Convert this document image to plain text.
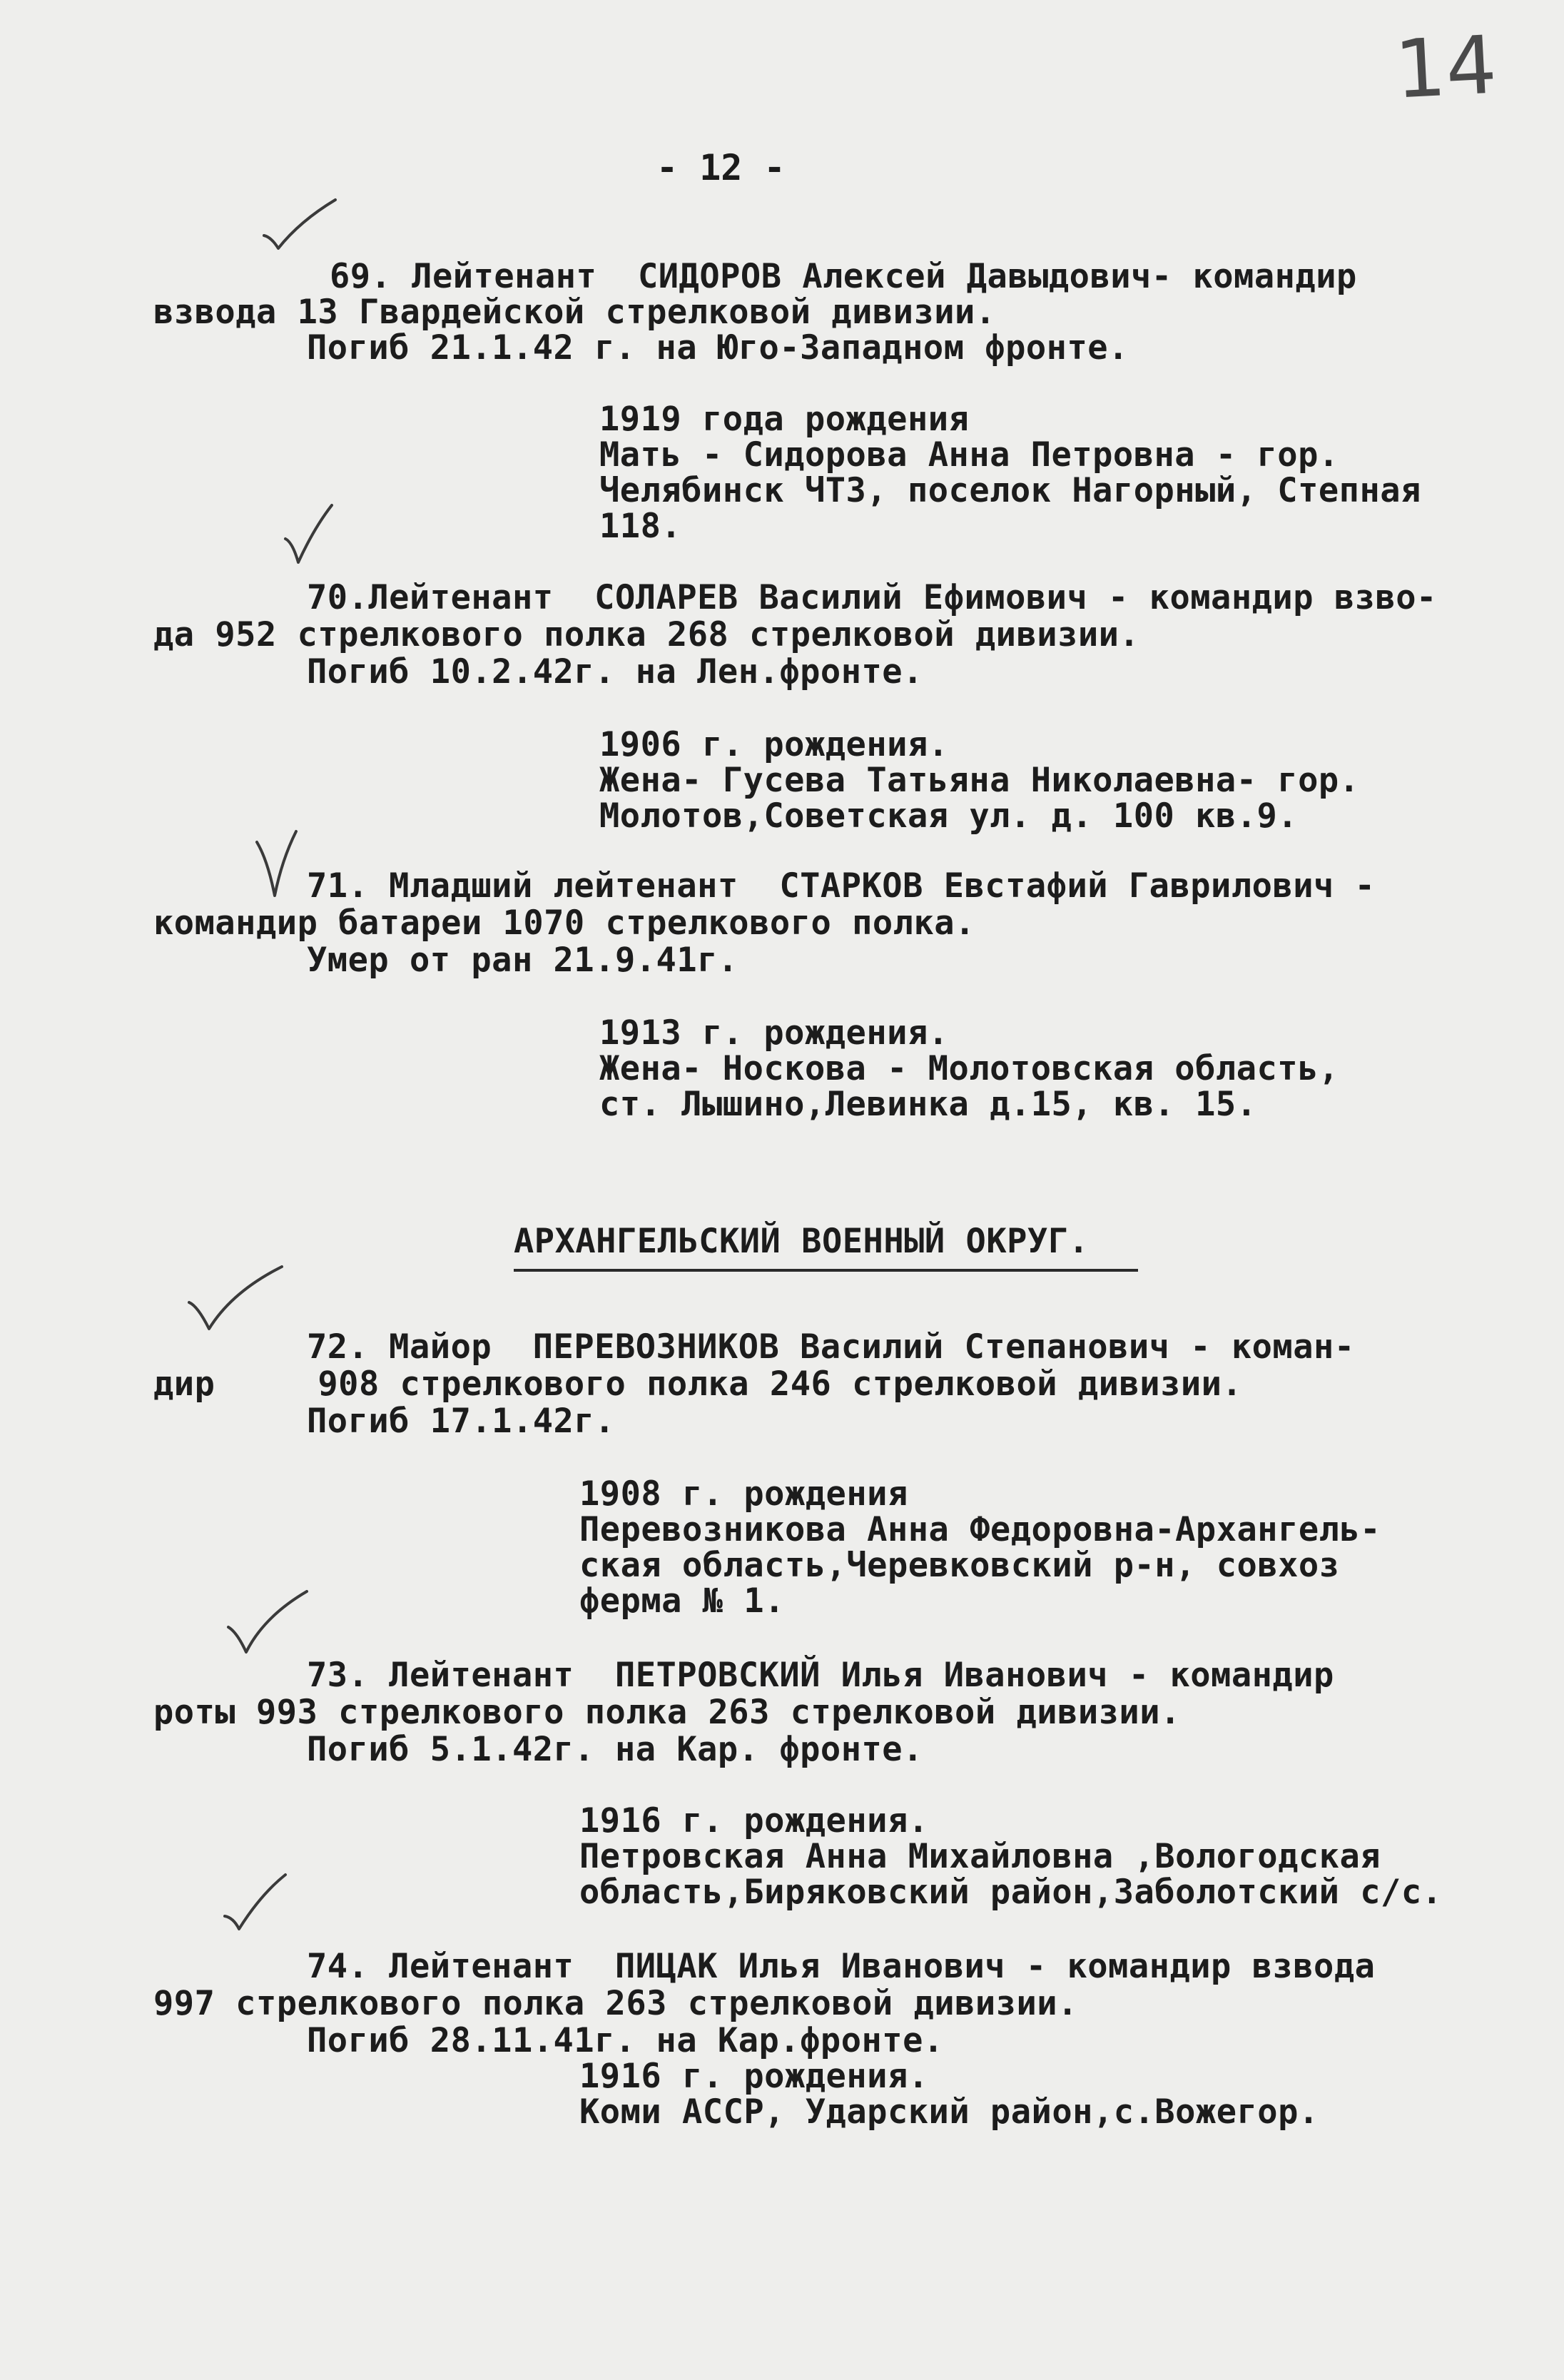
14
- 12 -
69. Лейтенант  СИДОРОВ Алексей Давыдович- командир
взвода 13 Гвардейской стрелковой дивизии.
Погиб 21.1.42 г. на Юго-Западном фронте.
1919 года рождения
Мать - Сидорова Анна Петровна - гор.
Челябинск ЧТЗ, поселок Нагорный, Степная
118.
70.Лейтенант  СОЛАРЕВ Василий Ефимович - командир взво-
да 952 стрелкового полка 268 стрелковой дивизии.
Погиб 10.2.42г. на Лен.фронте.
1906 г. рождения.
Жена- Гусева Татьяна Николаевна- гор.
Молотов,Советская ул. д. 100 кв.9.
71. Младший лейтенант  СТАРКОВ Евстафий Гаврилович -
командир батареи 1070 стрелкового полка.
Умер от ран 21.9.41г.
1913 г. рождения.
Жена- Носкова - Молотовская область,
ст. Лышино,Левинка д.15, кв. 15.
АРХАНГЕЛЬСКИЙ ВОЕННЫЙ ОКРУГ.
72. Майор  ПЕРЕВОЗНИКОВ Василий Степанович - коман-
дир     908 стрелкового полка 246 стрелковой дивизии.
Погиб 17.1.42г.
1908 г. рождения
Перевозникова Анна Федоровна-Архангель-
ская область,Черевковский р-н, совхоз
ферма № 1.
73. Лейтенант  ПЕТРОВСКИЙ Илья Иванович - командир
роты 993 стрелкового полка 263 стрелковой дивизии.
Погиб 5.1.42г. на Кар. фронте.
1916 г. рождения.
Петровская Анна Михайловна ,Вологодская
область,Биряковский район,Заболотский с/с.
74. Лейтенант  ПИЦАК Илья Иванович - командир взвода
997 стрелкового полка 263 стрелковой дивизии.
Погиб 28.11.41г. на Кар.фронте.
1916 г. рождения.
Коми АССР, Ударский район,с.Вожегор.
